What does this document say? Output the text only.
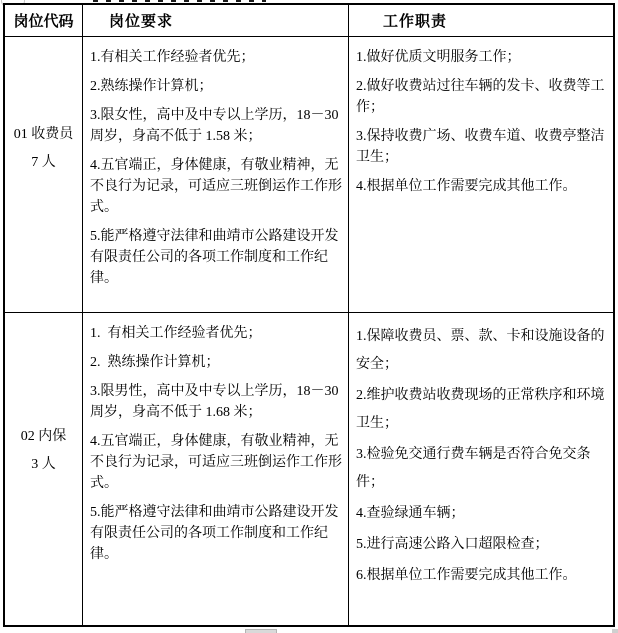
岗位代码 岗位要求	工作职责
01 收费员
7 人

1.有相关工作经验者优先；

2.熟练操作计算机；

3.限女性，高中及中专以上学历，18－30周岁，身高不低于 1.58 米；

4.五官端正，身体健康，有敬业精神，无不良行为记录，可适应三班倒运作工作形式。

5.能严格遵守法律和曲靖市公路建设开发有限责任公司的各项工作制度和工作纪律。

1.做好优质文明服务工作；

2.做好收费站过往车辆的发卡、收费等工作；

3.保持收费广场、收费车道、收费亭整洁卫生；

4.根据单位工作需要完成其他工作。

02 内保
3 人

1.  有相关工作经验者优先；

2.  熟练操作计算机；

3.限男性，高中及中专以上学历，18－30周岁，身高不低于 1.68 米；

4.五官端正，身体健康，有敬业精神，无不良行为记录，可适应三班倒运作工作形式。

5.能严格遵守法律和曲靖市公路建设开发有限责任公司的各项工作制度和工作纪律。

1.保障收费员、票、款、卡和设施设备的安全；

2.维护收费站收费现场的正常秩序和环境卫生；

3.检验免交通行费车辆是否符合免交条件；

4.查验绿通车辆；

5.进行高速公路入口超限检查；

6.根据单位工作需要完成其他工作。
